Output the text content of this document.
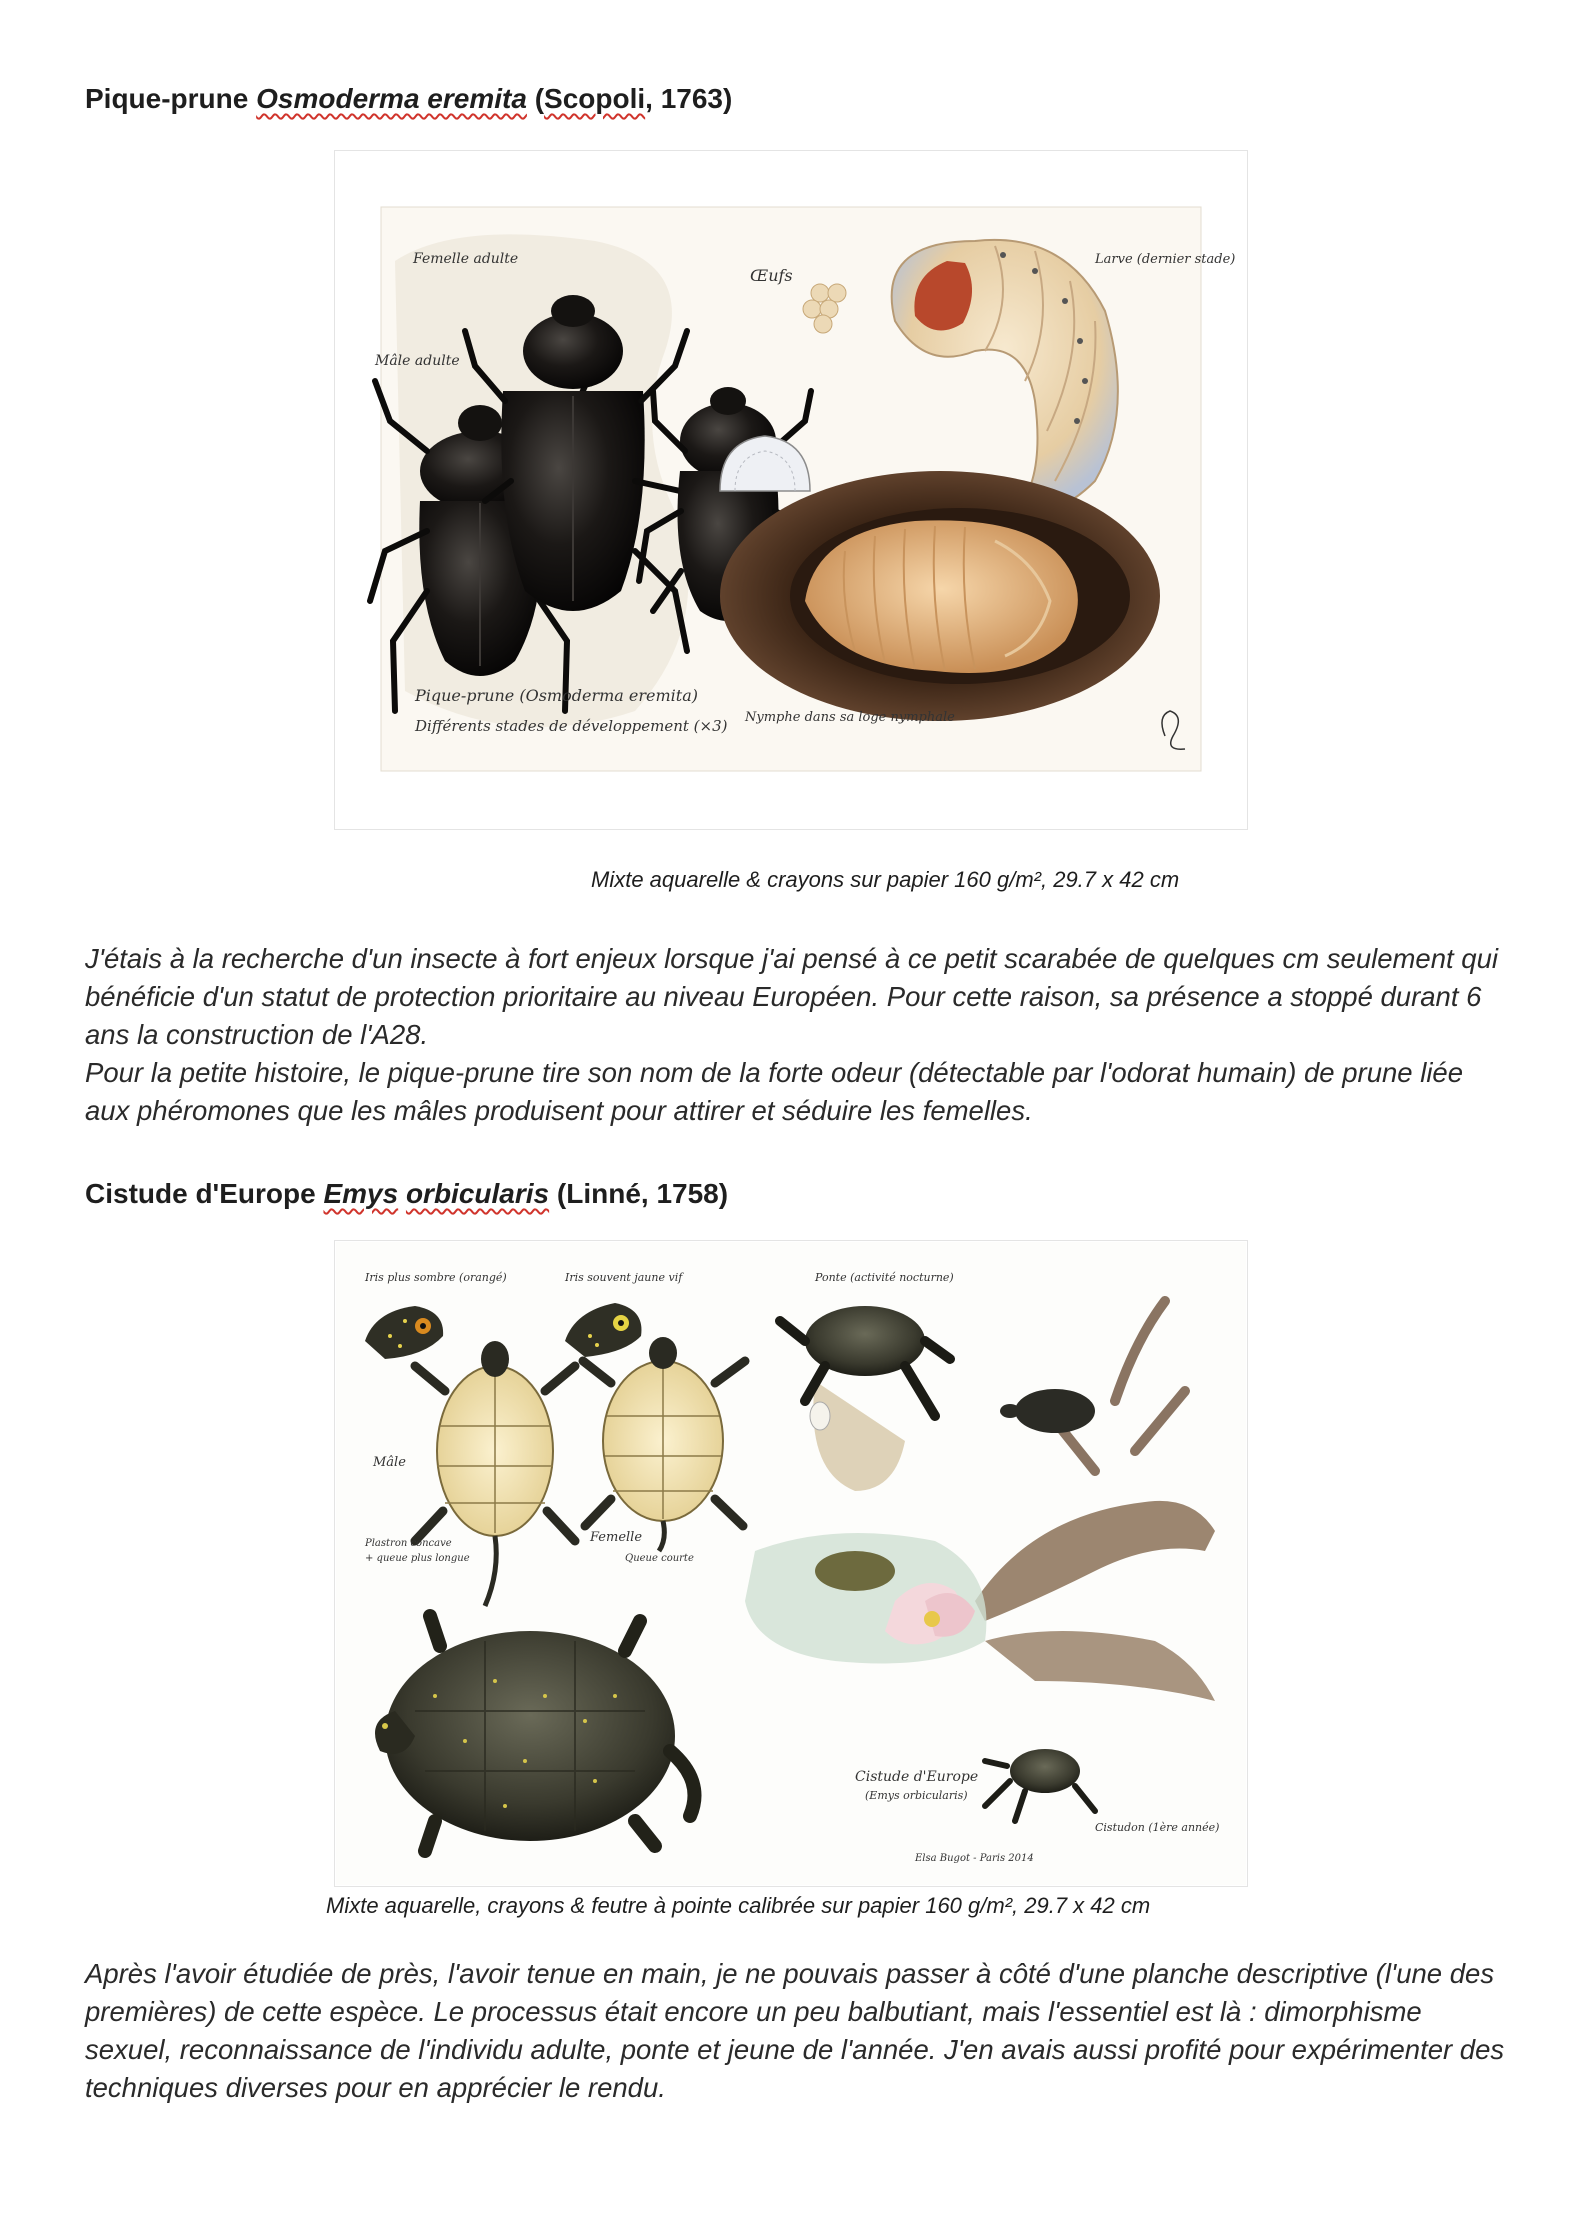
Pique-prune Osmoderma eremita (Scopoli, 1763)
Femelle adulte
Mâle adulte
Œufs
Larve (dernier stade)
Nymphe dans sa loge nymphale
Pique-prune (Osmoderma eremita)
Différents stades de développement (×3)
Mixte aquarelle & crayons sur papier 160 g/m², 29.7 x 42 cm

J'étais à la recherche d'un insecte à fort enjeux lorsque j'ai pensé à ce petit scarabée de quelques cm seulement qui bénéficie d'un statut de protection prioritaire au niveau Européen. Pour cette raison, sa présence a stoppé durant 6 ans la construction de l'A28.

Pour la petite histoire, le pique-prune tire son nom de la forte odeur (détectable par l'odorat humain) de prune liée aux phéromones que les mâles produisent pour attirer et séduire les femelles.

Cistude d'Europe Emys orbicularis (Linné, 1758)
Iris plus sombre (orangé)	Iris souvent jaune vif	Ponte (activité nocturne)
Mâle
Femelle
Plastron concave
+ queue plus longue	Queue courte
Cistude d'Europe
(Emys orbicularis)
Cistudon (1ère année)
Elsa Bugot - Paris 2014
Mixte aquarelle, crayons & feutre à pointe calibrée sur papier 160 g/m², 29.7 x 42 cm

Après l'avoir étudiée de près, l'avoir tenue en main, je ne pouvais passer à côté d'une planche descriptive (l'une des premières) de cette espèce. Le processus était encore un peu balbutiant, mais l'essentiel est là : dimorphisme sexuel, reconnaissance de l'individu adulte, ponte et jeune de l'année. J'en avais aussi profité pour expérimenter des techniques diverses pour en apprécier le rendu.
